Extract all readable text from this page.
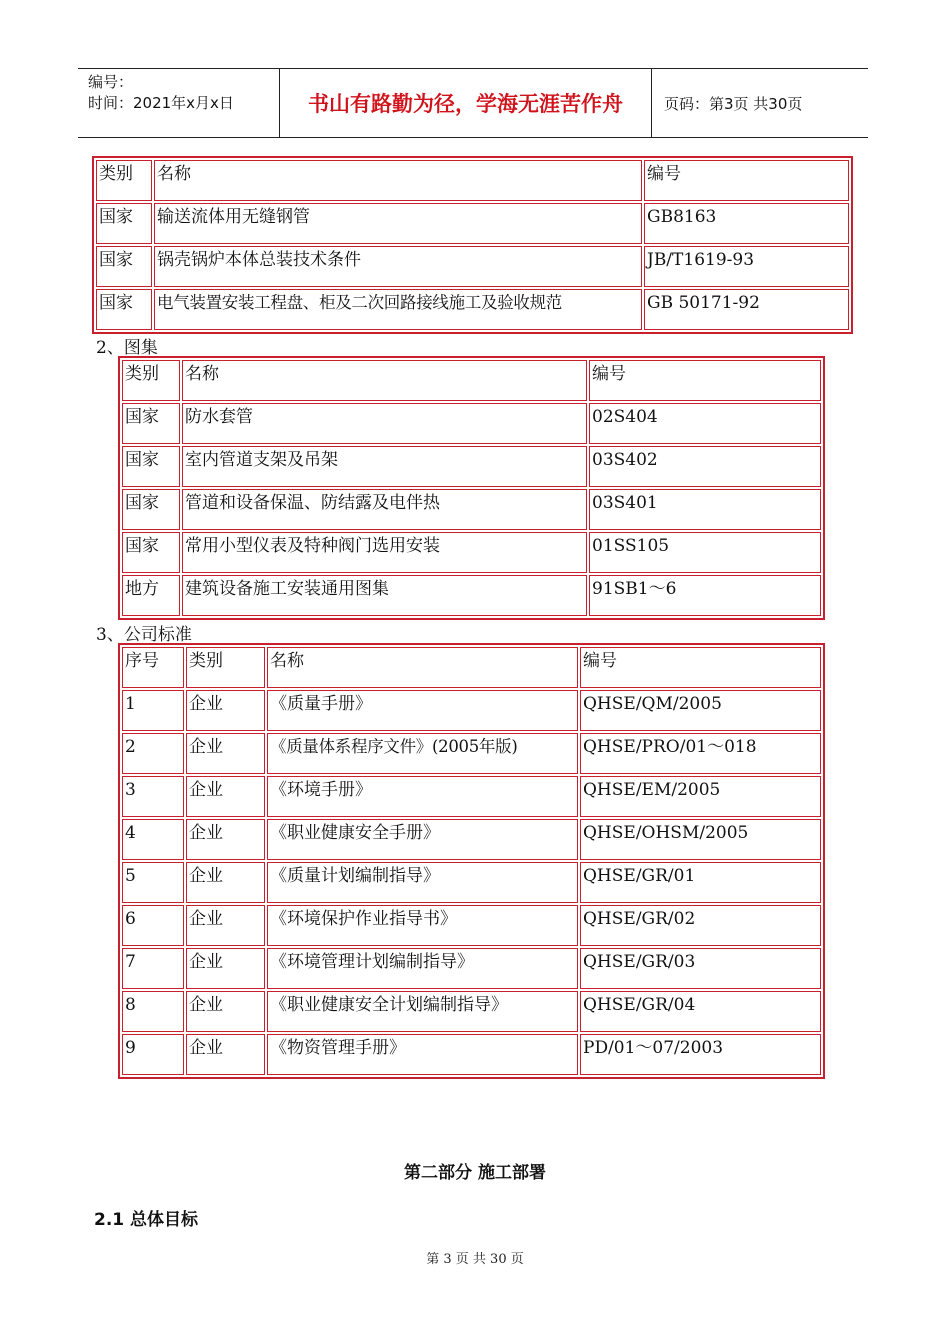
编号：
时间：2021年x月x日	书山有路勤为径，学海无涯苦作舟	页码：第3页 共30页
类别	名称	编号
国家	输送流体用无缝钢管	GB8163
国家	锅壳锅炉本体总装技术条件	JB/T1619-93
国家	电气装置安装工程盘、柜及二次回路接线施工及验收规范	GB 50171-92
2、图集
类别	名称	编号
国家	防水套管	02S404
国家	室内管道支架及吊架	03S402
国家	管道和设备保温、防结露及电伴热	03S401
国家	常用小型仪表及特种阀门选用安装	01SS105
地方	建筑设备施工安装通用图集	91SB1～6
3、公司标准
序号	类别	名称	编号
1	企业	《质量手册》	QHSE/QM/2005
2	企业	《质量体系程序文件》(2005年版)	QHSE/PRO/01～018
3	企业	《环境手册》	QHSE/EM/2005
4	企业	《职业健康安全手册》	QHSE/OHSM/2005
5	企业	《质量计划编制指导》	QHSE/GR/01
6	企业	《环境保护作业指导书》	QHSE/GR/02
7	企业	《环境管理计划编制指导》	QHSE/GR/03
8	企业	《职业健康安全计划编制指导》	QHSE/GR/04
9	企业	《物资管理手册》	PD/01～07/2003
第二部分 施工部署
2.1 总体目标
第 3 页 共 30 页
